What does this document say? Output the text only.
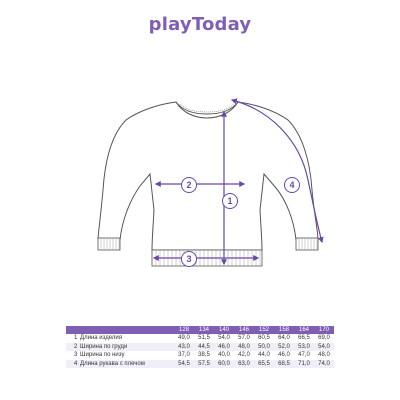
playToday
1
2
3
4
		128	134	140	146	152	158	164	170
1	Длина изделия	49,0	51,5	54,0	57,0	60,5	64,0	66,5	69,0
2	Ширина по груди	43,0	44,5	46,0	48,0	50,0	52,0	53,0	54,0
3	Ширина по низу	37,0	38,5	40,0	42,0	44,0	46,0	47,0	48,0
4	Длина рукава с плечом	54,5	57,5	60,0	63,0	65,5	68,5	71,0	74,0
